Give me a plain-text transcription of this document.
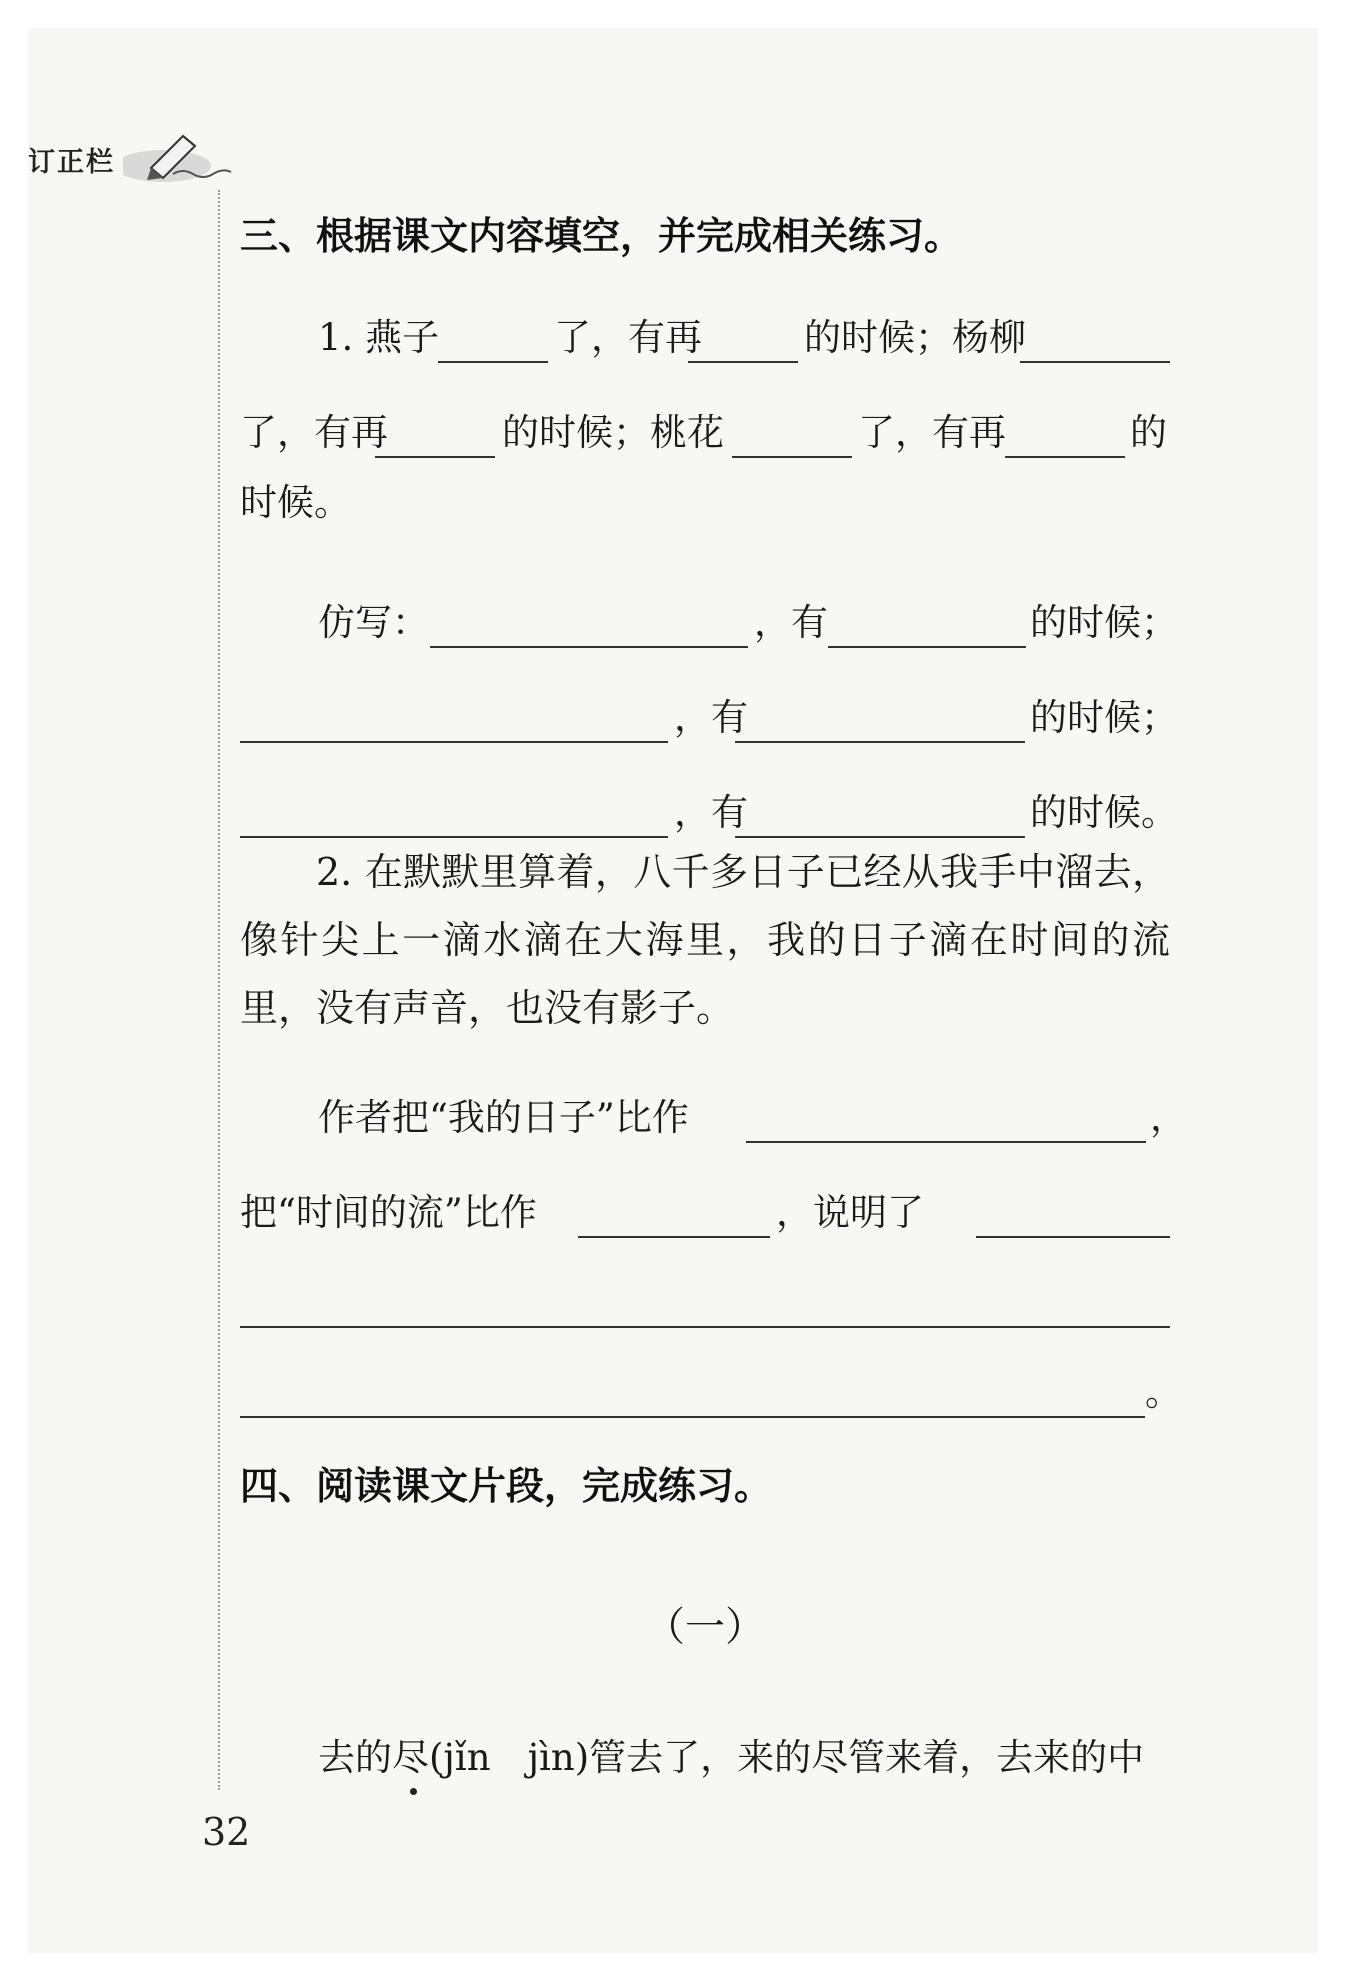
订正栏
三、根据课文内容填空，并完成相关练习。
1. 燕子	了，有再	的时候；杨柳
了，有再	的时候；桃花	了，有再	的
时候。
仿写：	，有	的时候；
，有	的时候；
，有	的时候。

2. 在默默里算着，八千多日子已经从我手中溜去，像针尖上一滴水滴在大海里，我的日子滴在时间的流里，没有声音，也没有影子。

作者把“我的日子”比作	，
把“时间的流”比作	，说明了
。
四、阅读课文片段，完成练习。
（一）
去的尽(jǐn　jìn)管去了，来的尽管来着，去来的中
32
